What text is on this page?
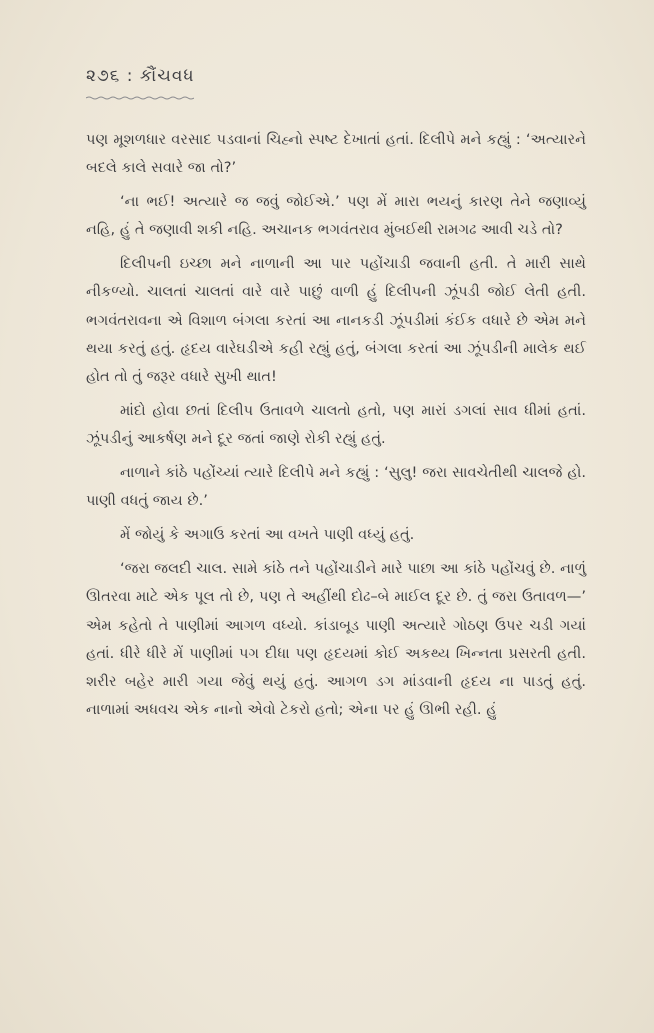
૨૭૬ : કૌંચવધ

પણ મૂશળધાર વરસાદ પડવાનાં ચિહ્નો સ્પષ્ટ દેખાતાં હતાં. દિલીપે મને કહ્યું : ‘અત્યારને બદલે કાલે સવારે જા તો?’

‘ના ભઈ! અત્યારે જ જવું જોઈએ.’ પણ મેં મારા ભયનું કારણ તેને જણાવ્યું નહિ, હું તે જણાવી શકી નહિ. અચાનક ભગવંતરાવ મુંબઈથી રામગઢ આવી ચડે તો?

દિલીપની ઇચ્છા મને નાળાની આ પાર પહોંચાડી જવાની હતી. તે મારી સાથે નીકળ્યો. ચાલતાં ચાલતાં વારે વારે પાછું વાળી હું દિલીપની ઝૂંપડી જોઈ લેતી હતી. ભગવંતરાવના એ વિશાળ બંગલા કરતાં આ નાનકડી ઝૂંપડીમાં કંઈક વધારે છે એમ મને થયા કરતું હતું. હૃદય વારેઘડીએ કહી રહ્યું હતું, બંગલા કરતાં આ ઝૂંપડીની માલેક થઈ હોત તો તું જરૂર વધારે સુખી થાત!

માંદો હોવા છતાં દિલીપ ઉતાવળે ચાલતો હતો, પણ મારાં ડગલાં સાવ ધીમાં હતાં. ઝૂંપડીનું આકર્ષણ મને દૂર જતાં જાણે રોકી રહ્યું હતું.

નાળાને કાંઠે પહોંચ્યાં ત્યારે દિલીપે મને કહ્યું : ‘સુલુ! જરા સાવચેતીથી ચાલજે હો. પાણી વધતું જાય છે.’

મેં જોયું કે અગાઉ કરતાં આ વખતે પાણી વધ્યું હતું.

‘જરા જલદી ચાલ. સામે કાંઠે તને પહોંચાડીને મારે પાછા આ કાંઠે પહોંચવું છે. નાળું ઊતરવા માટે એક પૂલ તો છે, પણ તે અહીંથી દોઢ–બે માઈલ દૂર છે. તું જરા ઉતાવળ—’ એમ કહેતો તે પાણીમાં આગળ વધ્યો. કાંડાબૂડ પાણી અત્યારે ગોઠણ ઉપર ચડી ગયાં હતાં. ધીરે ધીરે મેં પાણીમાં પગ દીધા પણ હૃદયમાં કોઈ અકથ્ય ખિન્નતા પ્રસરતી હતી. શરીર બહેર મારી ગયા જેવું થયું હતું. આગળ ડગ માંડવાની હૃદય ના પાડતું હતું. નાળામાં અધવચ એક નાનો એવો ટેકરો હતો; એના પર હું ઊભી રહી. હું
